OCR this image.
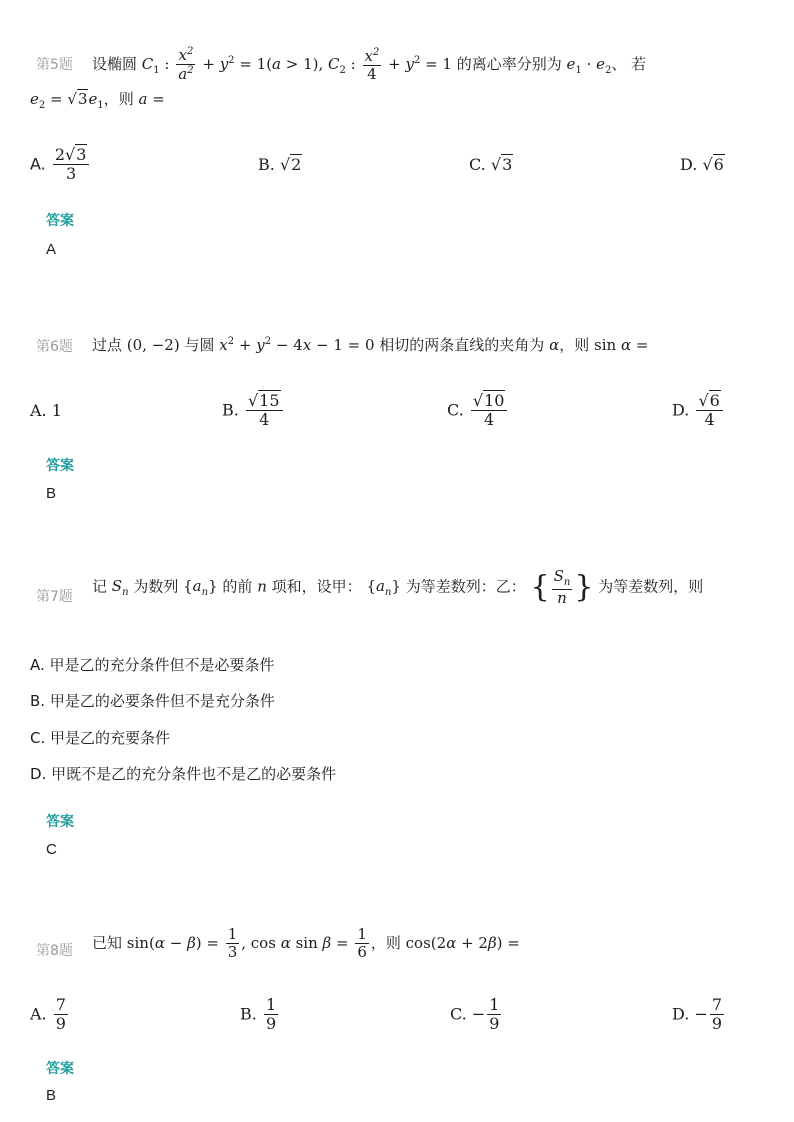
第5题 设椭圆 $C_1$ : $\frac{x^2}{a^2} + y^2 = 1(a > 1)$, $C_2$ : $\frac{x^2}{4} + y^2 = 1$ 的离心率分别为 $e_1 \cdot e_2$、 若
$e_2 = √3e_1$，则 a =
A. $\frac{2√3}{3}$	B. √2	C. √3	D. √6
答案
A
第6题 过点 (0, −2) 与圆 $x^2 + y^2 - 4x - 1 = 0$ 相切的两条直线的夹角为 α，则 sin α =
A. 1	B. $\frac{√15}{4}$	C. $\frac{√10}{4}$	D. $\frac{√6}{4}$
答案
B
第7题
记 $S_n$ 为数列 $\{a_n\}$ 的前 n 项和，设甲： $\{a_n\}$ 为等差数列：乙： { $\frac{S_n}{n}$ } 为等差数列，则
A. 甲是乙的充分条件但不是必要条件
B. 甲是乙的必要条件但不是充分条件
C. 甲是乙的充要条件
D. 甲既不是乙的充分条件也不是乙的必要条件
答案
C
第8题 已知 $\sin(\alpha - \beta) = \frac{1}{3}$ , cos α $\sin \beta = \frac{1}{6}$ ，则 cos(2α + 2β) =
A. $\frac{7}{9}$	B. $\frac{1}{9}$	C. − $\frac{1}{9}$	D. − $\frac{7}{9}$
答案
B
